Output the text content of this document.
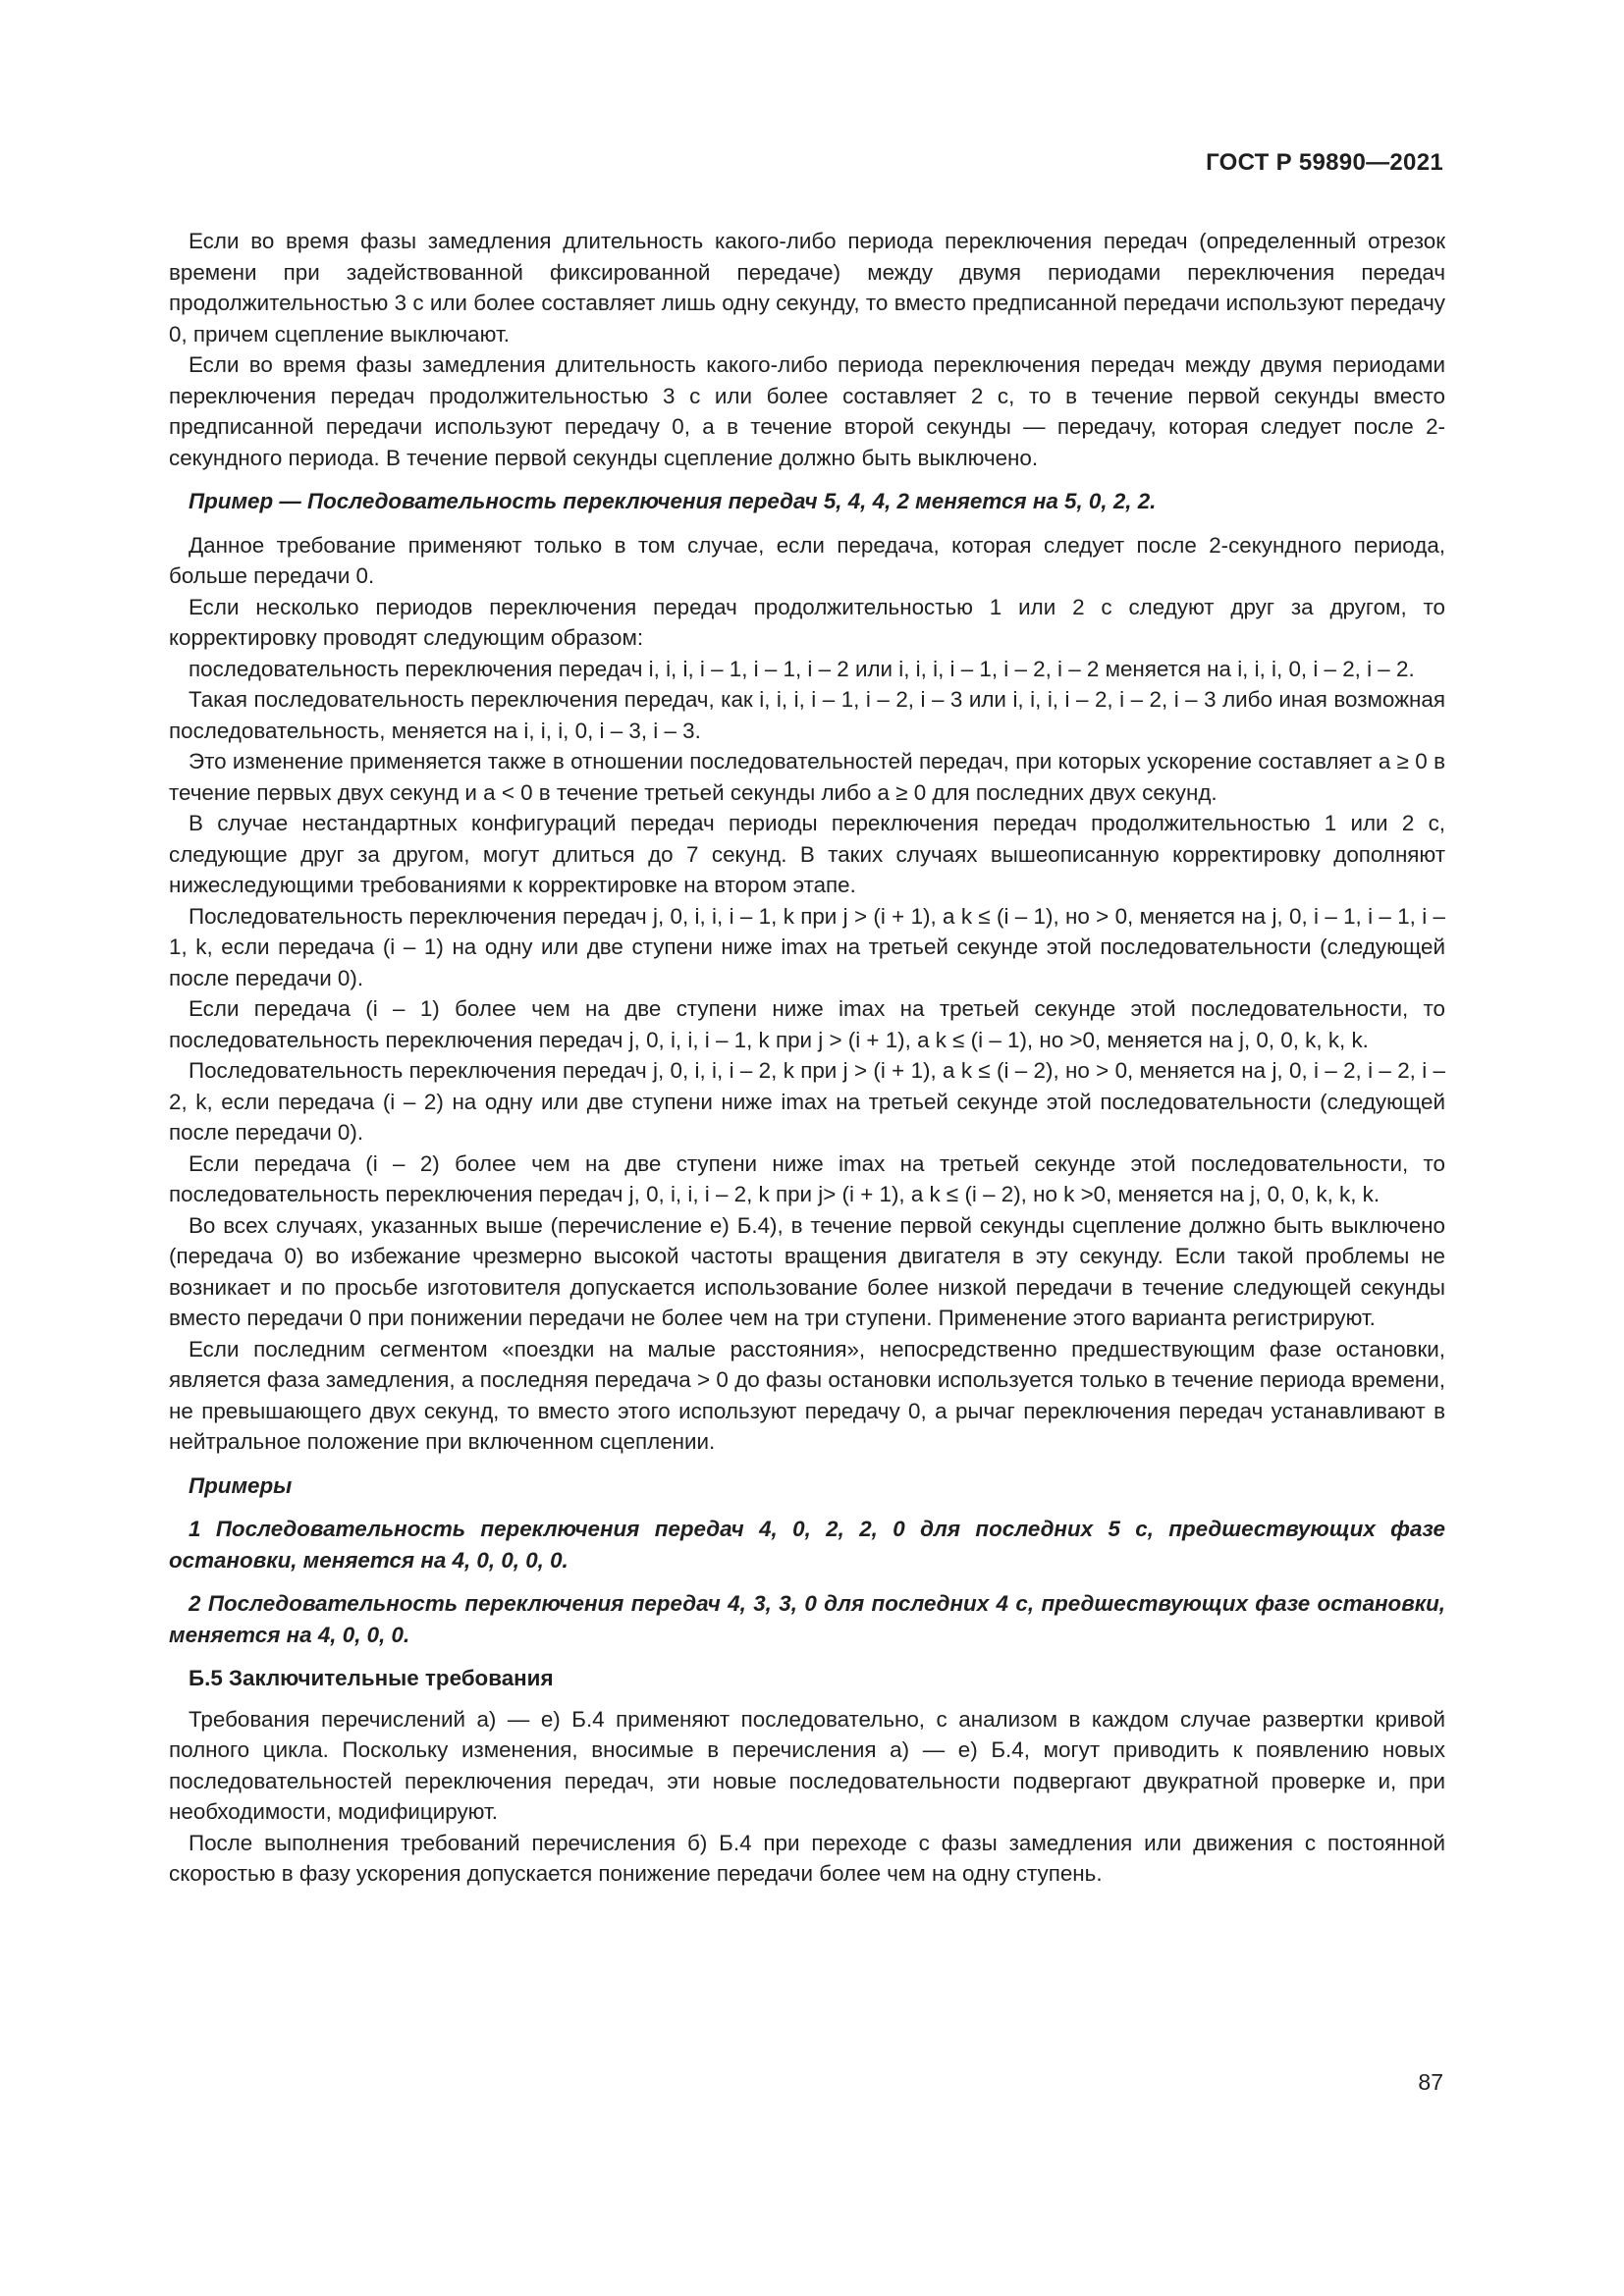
ГОСТ Р 59890—2021

Если во время фазы замедления длительность какого-либо периода переключения передач (определенный отрезок времени при задействованной фиксированной передаче) между двумя периодами переключения передач продолжительностью 3 с или более составляет лишь одну секунду, то вместо предписанной передачи используют передачу 0, причем сцепление выключают.

Если во время фазы замедления длительность какого-либо периода переключения передач между двумя периодами переключения передач продолжительностью 3 с или более составляет 2 с, то в течение первой секунды вместо предписанной передачи используют передачу 0, а в течение второй секунды — передачу, которая следует после 2-секундного периода. В течение первой секунды сцепление должно быть выключено.

Пример — Последовательность переключения передач 5, 4, 4, 2 меняется на 5, 0, 2, 2.

Данное требование применяют только в том случае, если передача, которая следует после 2-секундного периода, больше передачи 0.

Если несколько периодов переключения передач продолжительностью 1 или 2 с следуют друг за другом, то корректировку проводят следующим образом:

последовательность переключения передач i, i, i, i – 1, i – 1, i – 2 или i, i, i, i – 1, i – 2, i – 2 меняется на i, i, i, 0, i – 2, i – 2.

Такая последовательность переключения передач, как i, i, i, i – 1, i – 2, i – 3 или i, i, i, i – 2, i – 2, i – 3 либо иная возможная последовательность, меняется на i, i, i, 0, i – 3, i – 3.

Это изменение применяется также в отношении последовательностей передач, при которых ускорение составляет a ≥ 0 в течение первых двух секунд и a < 0 в течение третьей секунды либо a ≥ 0 для последних двух секунд.

В случае нестандартных конфигураций передач периоды переключения передач продолжительностью 1 или 2 с, следующие друг за другом, могут длиться до 7 секунд. В таких случаях вышеописанную корректировку дополняют нижеследующими требованиями к корректировке на втором этапе.

Последовательность переключения передач j, 0, i, i, i – 1, k при j > (i + 1), а k ≤ (i – 1), но > 0, меняется на j, 0, i – 1, i – 1, i – 1, k, если передача (i – 1) на одну или две ступени ниже imax на третьей секунде этой последовательности (следующей после передачи 0).

Если передача (i – 1) более чем на две ступени ниже imax на третьей секунде этой последовательности, то последовательность переключения передач j, 0, i, i, i – 1, k при j > (i + 1), а k ≤ (i – 1), но >0, меняется на j, 0, 0, k, k, k.

Последовательность переключения передач j, 0, i, i, i – 2, k при j > (i + 1), а k ≤ (i – 2), но > 0, меняется на j, 0, i – 2, i – 2, i – 2, k, если передача (i – 2) на одну или две ступени ниже imax на третьей секунде этой последовательности (следующей после передачи 0).

Если передача (i – 2) более чем на две ступени ниже imax на третьей секунде этой последовательности, то последовательность переключения передач j, 0, i, i, i – 2, k при j> (i + 1), а k ≤ (i – 2), но k >0, меняется на j, 0, 0, k, k, k.

Во всех случаях, указанных выше (перечисление е) Б.4), в течение первой секунды сцепление должно быть выключено (передача 0) во избежание чрезмерно высокой частоты вращения двигателя в эту секунду. Если такой проблемы не возникает и по просьбе изготовителя допускается использование более низкой передачи в течение следующей секунды вместо передачи 0 при понижении передачи не более чем на три ступени. Применение этого варианта регистрируют.

Если последним сегментом «поездки на малые расстояния», непосредственно предшествующим фазе остановки, является фаза замедления, а последняя передача > 0 до фазы остановки используется только в течение периода времени, не превышающего двух секунд, то вместо этого используют передачу 0, а рычаг переключения передач устанавливают в нейтральное положение при включенном сцеплении.

Примеры

1 Последовательность переключения передач 4, 0, 2, 2, 0 для последних 5 с, предшествующих фазе остановки, меняется на 4, 0, 0, 0, 0.

2 Последовательность переключения передач 4, 3, 3, 0 для последних 4 с, предшествующих фазе остановки, меняется на 4, 0, 0, 0.

Б.5 Заключительные требования

Требования перечислений а) — е) Б.4 применяют последовательно, с анализом в каждом случае развертки кривой полного цикла. Поскольку изменения, вносимые в перечисления а) — е) Б.4, могут приводить к появлению новых последовательностей переключения передач, эти новые последовательности подвергают двукратной проверке и, при необходимости, модифицируют.

После выполнения требований перечисления б) Б.4 при переходе с фазы замедления или движения с постоянной скоростью в фазу ускорения допускается понижение передачи более чем на одну ступень.

87
